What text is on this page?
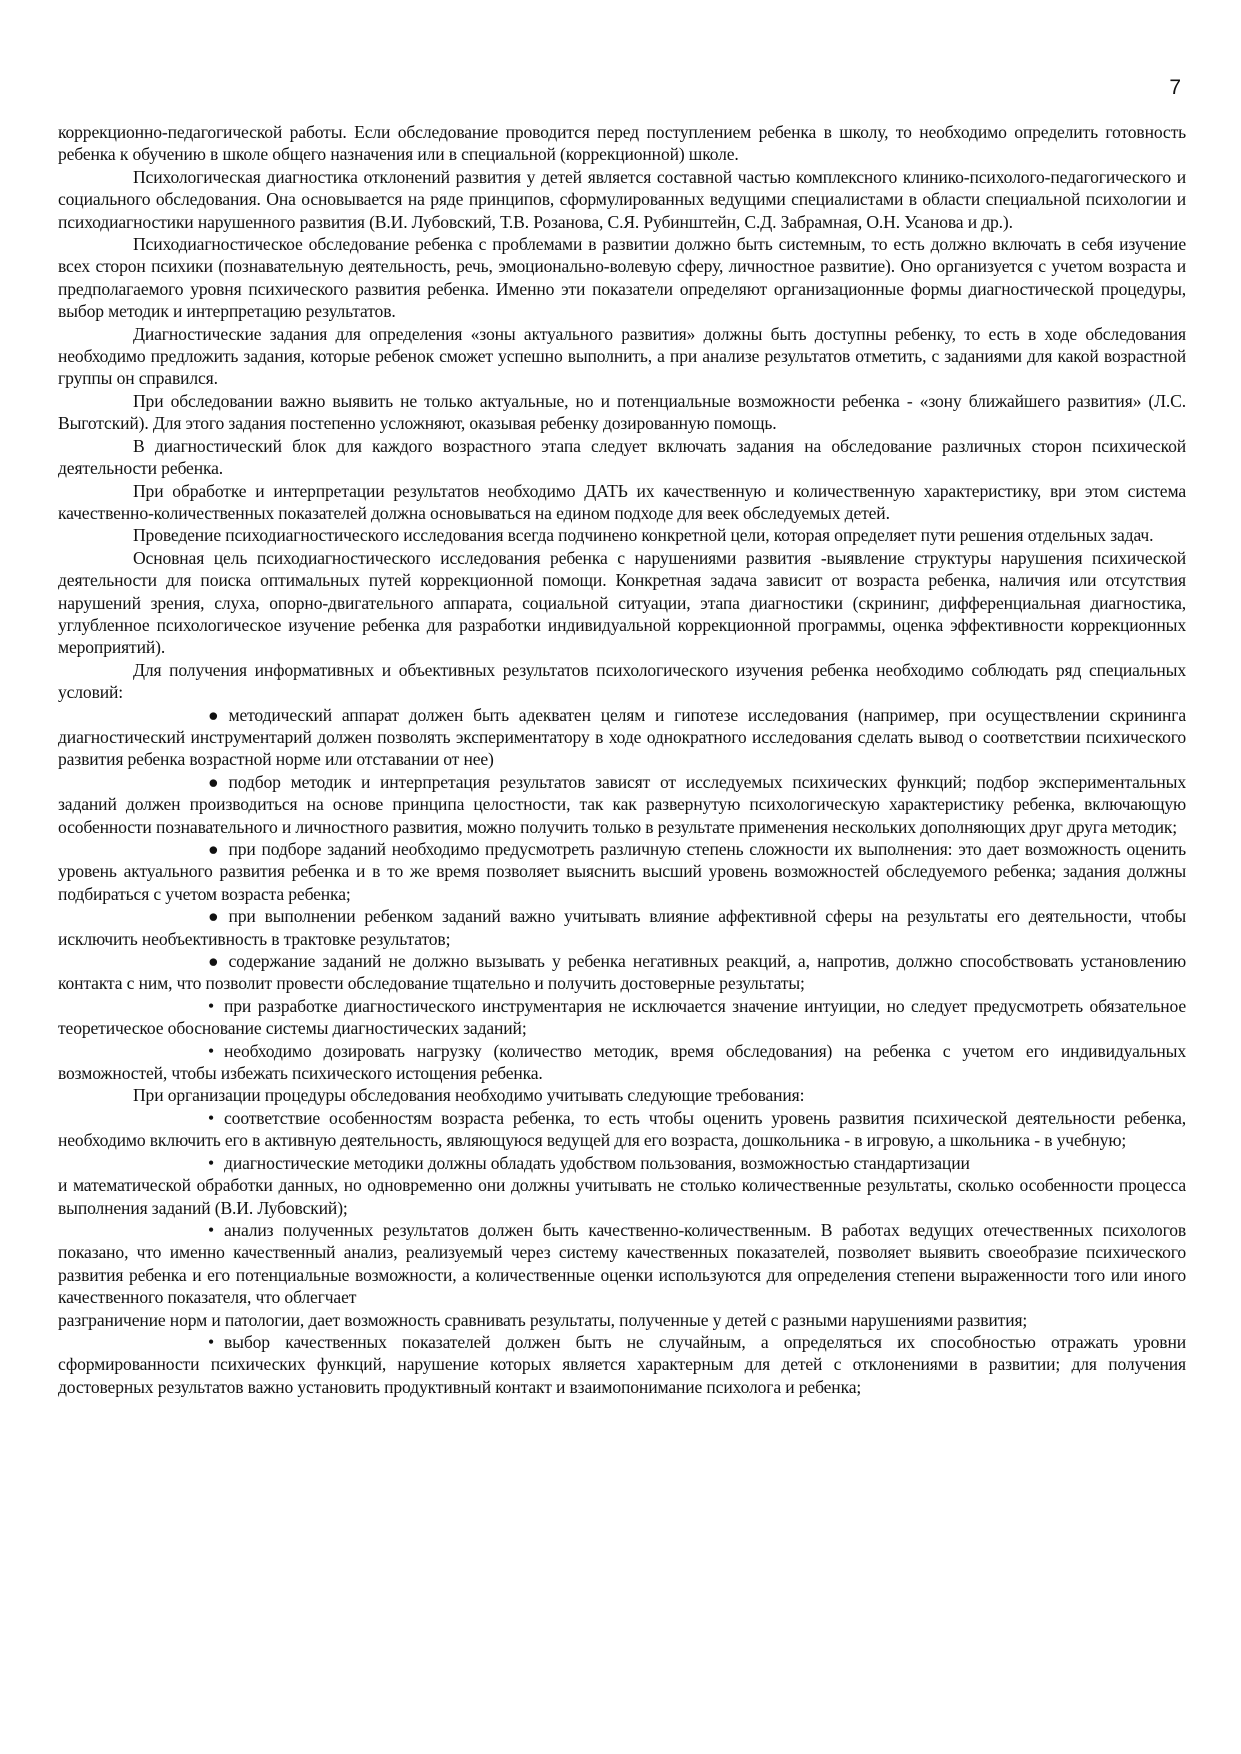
7

коррекционно-педагогической работы. Если обследование проводится перед поступлением ребенка в школу, то необходимо определить готовность ребенка к обучению в школе общего назначения или в специальной (коррекционной) школе.

Психологическая диагностика отклонений развития у детей является составной частью комплексного клинико-психолого-педагогического и социального обследования. Она основывается на ряде принципов, сформулированных ведущими специалистами в области специальной психологии и психодиагностики нарушенного развития (В.И. Лубовский, Т.В. Розанова, С.Я. Рубинштейн, С.Д. Забрамная, О.Н. Усанова и др.).

Психодиагностическое обследование ребенка с проблемами в развитии должно быть системным, то есть должно включать в себя изучение всех сторон психики (познавательную деятельность, речь, эмоционально-волевую сферу, личностное развитие). Оно организуется с учетом возраста и предполагаемого уровня психического развития ребенка. Именно эти показатели определяют организационные формы диагностической процедуры, выбор методик и интерпретацию результатов.

Диагностические задания для определения «зоны актуального развития» должны быть доступны ребенку, то есть в ходе обследования необходимо предложить задания, которые ребенок сможет успешно выполнить, а при анализе результатов отметить, с заданиями для какой возрастной группы он справился.

При обследовании важно выявить не только актуальные, но и потенциальные возможности ребенка - «зону ближайшего развития» (Л.С. Выготский). Для этого задания постепенно усложняют, оказывая ребенку дозированную помощь.

В диагностический блок для каждого возрастного этапа следует включать задания на обследование различных сторон психической деятельности ребенка.

При обработке и интерпретации результатов необходимо ДАТЬ их качественную и количественную характеристику, ври этом система качественно-количественных показателей должна основываться на едином подходе для веек обследуемых детей.

Проведение психодиагностического исследования всегда подчинено конкретной цели, которая определяет пути решения отдельных задач.

Основная цель психодиагностического исследования ребенка с нарушениями развития -выявление структуры нарушения психической деятельности для поиска оптимальных путей коррекционной помощи. Конкретная задача зависит от возраста ребенка, наличия или отсутствия нарушений зрения, слуха, опорно-двигательного аппарата, социальной ситуации, этапа диагностики (скрининг, дифференциальная диагностика, углубленное психологическое изучение ребенка для разработки индивидуальной коррекционной программы, оценка эффективности коррекционных мероприятий).

Для получения информативных и объективных результатов психологического изучения ребенка необходимо соблюдать ряд специальных условий:

● методический аппарат должен быть адекватен целям и гипотезе исследования (например, при осуществлении скрининга диагностический инструментарий должен позволять экспериментатору в ходе однократного исследования сделать вывод о соответствии психического развития ребенка возрастной норме или отставании от нее)

● подбор методик и интерпретация результатов зависят от исследуемых психических функций; подбор экспериментальных заданий должен производиться на основе принципа целостности, так как развернутую психологическую характеристику ребенка, включающую особенности познавательного и личностного развития, можно получить только в результате применения нескольких дополняющих друг друга методик;

● при подборе заданий необходимо предусмотреть различную степень сложности их выполнения: это дает возможность оценить уровень актуального развития ребенка и в то же время позволяет выяснить высший уровень возможностей обследуемого ребенка; задания должны подбираться с учетом возраста ребенка;

● при выполнении ребенком заданий важно учитывать влияние аффективной сферы на результаты его деятельности, чтобы исключить необъективность в трактовке результатов;

● содержание заданий не должно вызывать у ребенка негативных реакций, а, напротив, должно способствовать установлению контакта с ним, что позволит провести обследование тщательно и получить достоверные результаты;

• при разработке диагностического инструментария не исключается значение интуиции, но следует предусмотреть обязательное теоретическое обоснование системы диагностических заданий;

• необходимо дозировать нагрузку (количество методик, время обследования) на ребенка с учетом его индивидуальных возможностей, чтобы избежать психического истощения ребенка.

При организации процедуры обследования необходимо учитывать следующие требования:

• соответствие особенностям возраста ребенка, то есть чтобы оценить уровень развития психической деятельности ребенка, необходимо включить его в активную деятельность, являющуюся ведущей для его возраста, дошкольника - в игровую, а школьника - в учебную;

• диагностические методики должны обладать удобством пользования, возможностью стандартизации

и математической обработки данных, но одновременно они должны учитывать не столько количественные результаты, сколько особенности процесса выполнения заданий (В.И. Лубовский);

• анализ полученных результатов должен быть качественно-количественным. В работах ведущих отечественных психологов показано, что именно качественный анализ, реализуемый через систему качественных показателей, позволяет выявить своеобразие психического развития ребенка и его потенциальные возможности, а количественные оценки используются для определения степени выраженности того или иного качественного показателя, что облегчает

разграничение норм и патологии, дает возможность сравнивать результаты, полученные у детей с разными нарушениями развития;

• выбор качественных показателей должен быть не случайным, а определяться их способностью отражать уровни сформированности психических функций, нарушение которых является характерным для детей с отклонениями в развитии; для получения достоверных результатов важно установить продуктивный контакт и взаимопонимание психолога и ребенка;
